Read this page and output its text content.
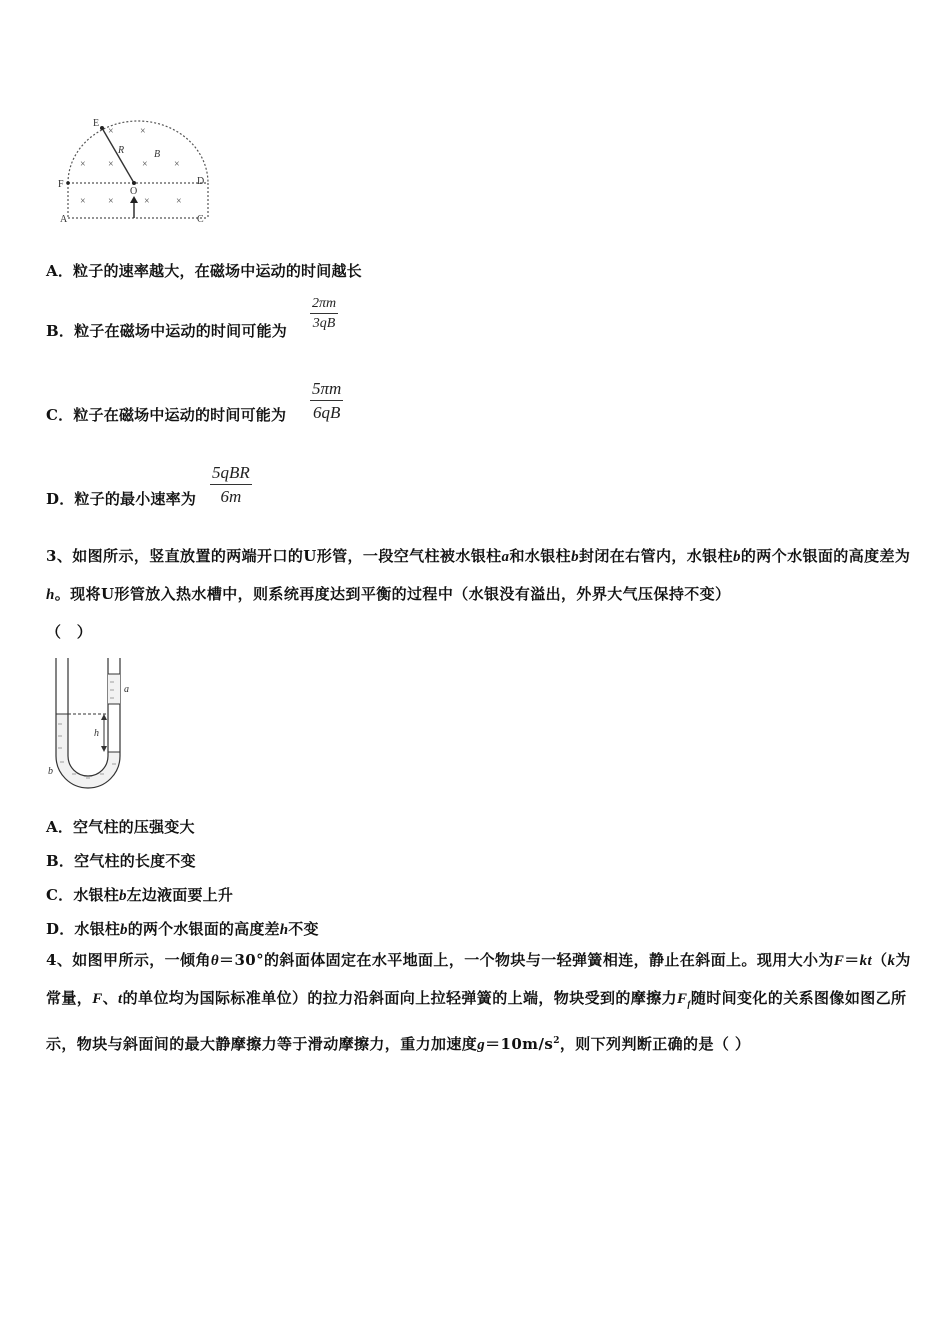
×	×
× ×	×	×
× ×	×	×
E
R	B
F	D
O
A	C
A．粒子的速率越大，在磁场中运动的时间越长
B．粒子在磁场中运动的时间可能为 $\frac{2\pi m}{3qB}$
C．粒子在磁场中运动的时间可能为 $\frac{5\pi m}{6qB}$
D．粒子的最小速率为
5qBR
6m
3、如图所示，竖直放置的两端开口的U形管，一段空气柱被水银柱a和水银柱b封闭在右管内，水银柱b的两个水银面的高度差为h。现将U形管放入热水槽中，则系统再度达到平衡的过程中（水银没有溢出，外界大气压保持不变）
（　）
a
h
b
A．空气柱的压强变大
B．空气柱的长度不变
C．水银柱b左边液面要上升
D．水银柱b的两个水银面的高度差h不变
4、如图甲所示，一倾角θ＝30°的斜面体固定在水平地面上，一个物块与一轻弹簧相连，静止在斜面上。现用大小为F＝kt（k为常量，F、t的单位均为国际标准单位）的拉力沿斜面向上拉轻弹簧的上端，物块受到的摩擦力$F_f$随时间变化的关系图像如图乙所示，物块与斜面间的最大静摩擦力等于滑动摩擦力，重力加速度$g=10m/s^2$，则下列判断正确的是（ ）
